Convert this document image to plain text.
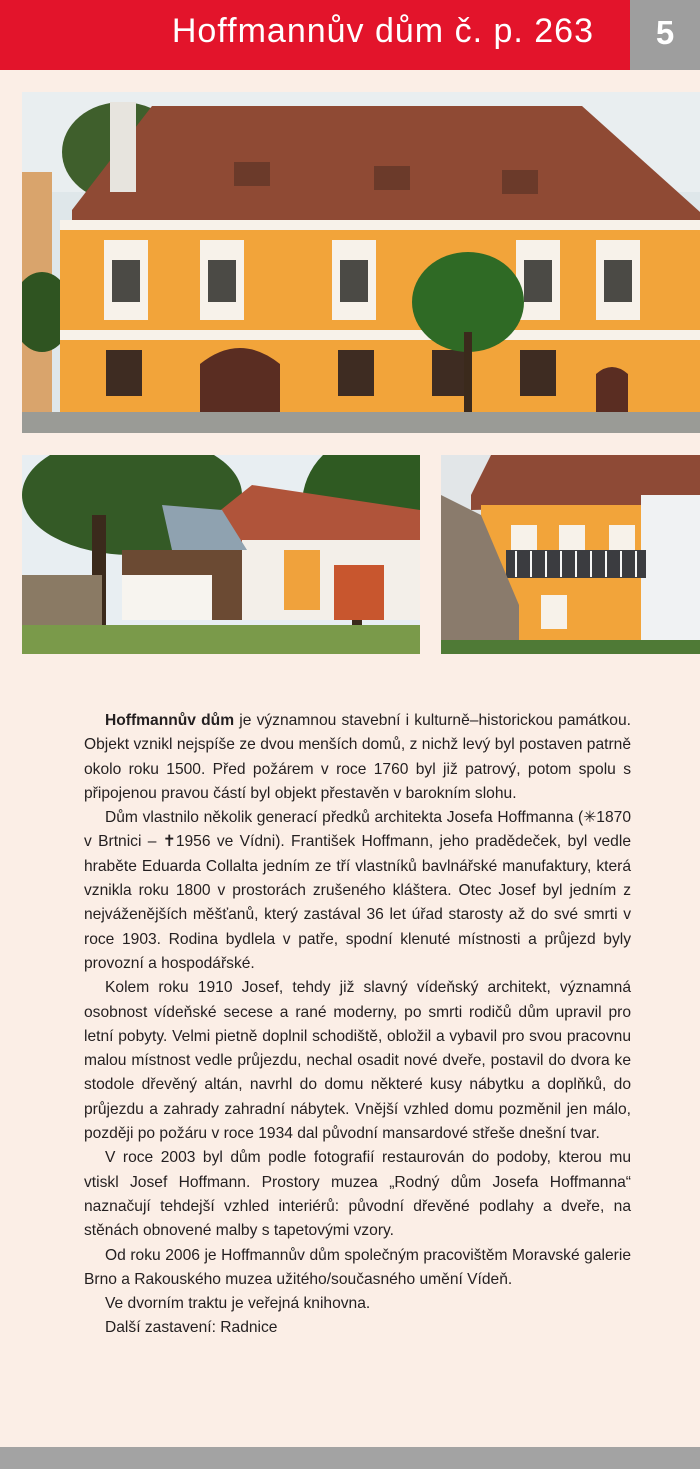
Hoffmannův dům č. p. 263	5

Hoffmannův dům je významnou stavební i kulturně–historickou památkou. Objekt vznikl nejspíše ze dvou menších domů, z nichž levý byl postaven patrně okolo roku 1500. Před požárem v roce 1760 byl již patrový, potom spolu s připojenou pravou částí byl objekt přestavěn v barokním slohu.

Dům vlastnilo několik generací předků architekta Josefa Hoffmanna (✳1870 v Brtnici – ✝1956 ve Vídni). František Hoffmann, jeho pradědeček, byl vedle hraběte Eduarda Collalta jedním ze tří vlastníků bavlnářské manufaktury, která vznikla roku 1800 v prostorách zrušeného kláštera. Otec Josef byl jedním z nejváženějších měšťanů, který zastával 36 let úřad starosty až do své smrti v roce 1903. Rodina bydlela v patře, spodní klenuté místnosti a průjezd byly provozní a hospodářské.

Kolem roku 1910 Josef, tehdy již slavný vídeňský architekt, významná osobnost vídeňské secese a rané moderny, po smrti rodičů dům upravil pro letní pobyty. Velmi pietně doplnil schodiště, obložil a vybavil pro svou pracovnu malou místnost vedle průjezdu, nechal osadit nové dveře, postavil do dvora ke stodole dřevěný altán, navrhl do domu některé kusy nábytku a doplňků, do průjezdu a zahrady zahradní nábytek. Vnější vzhled domu pozměnil jen málo, později po požáru v roce 1934 dal původní mansardové střeše dnešní tvar.

V roce 2003 byl dům podle fotografií restaurován do podoby, kterou mu vtiskl Josef Hoffmann. Prostory muzea „Rodný dům Josefa Hoffmanna“ naznačují tehdejší vzhled interiérů: původní dřevěné podlahy a dveře, na stěnách obnovené malby s tapetovými vzory.

Od roku 2006 je Hoffmannův dům společným pracovištěm Moravské galerie Brno a Rakouského muzea užitého/současného umění Vídeň.

Ve dvorním traktu je veřejná knihovna.

Další zastavení: Radnice
